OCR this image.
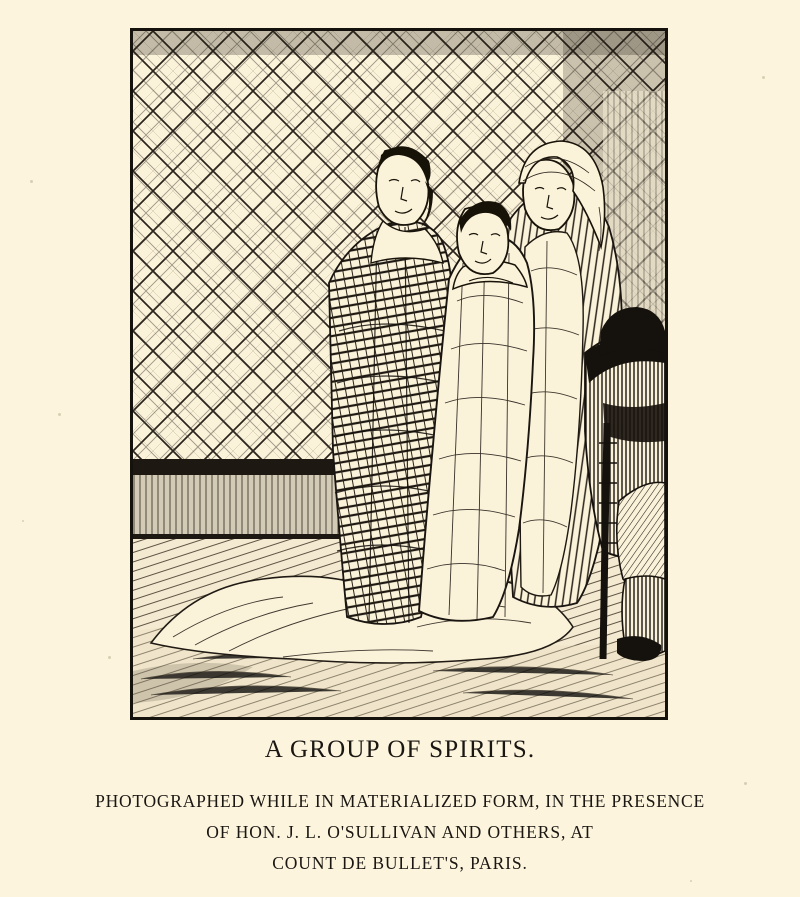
A GROUP OF SPIRITS.
PHOTOGRAPHED WHILE IN MATERIALIZED FORM, IN THE PRESENCE
OF HON. J. L. O'SULLIVAN AND OTHERS, AT
COUNT DE BULLET'S, PARIS.
